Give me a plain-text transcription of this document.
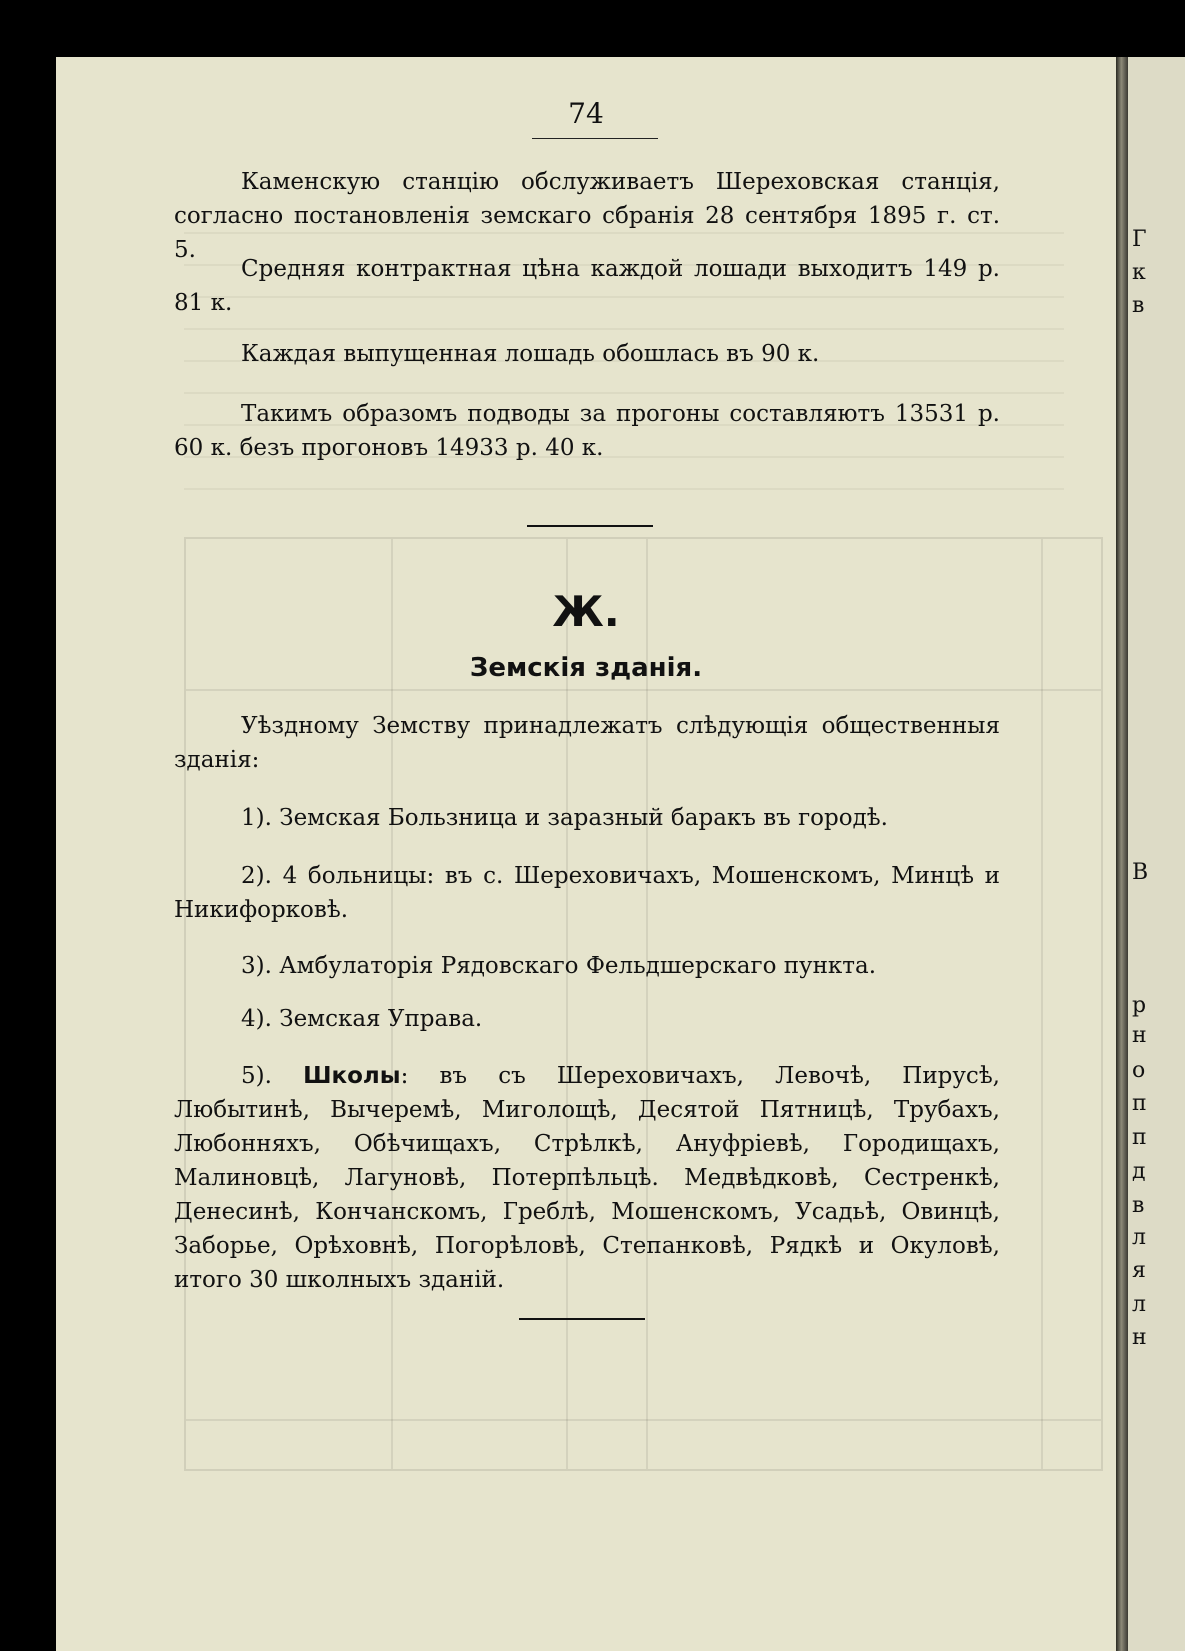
74

Каменскую станцію обслуживаетъ Шереховская станція, согласно постановленія земскаго сбранія 28 сентября 1895 г. ст. 5.

Средняя контрактная цѣна каждой лошади выходитъ 149 р. 81 к.

Каждая выпущенная лошадь обошлась въ 90 к.

Такимъ образомъ подводы за прогоны составляютъ 13531 р. 60 к. безъ прогоновъ 14933 р. 40 к.

Ж.
Земскія зданія.

Уѣздному Земству принадлежатъ слѣдующія общественныя зданія:

1). Земская Бользница и заразный баракъ въ городѣ.

2). 4 больницы: въ с. Шереховичахъ, Мошенскомъ, Минцѣ и Никифорковѣ.

3). Амбулаторія Рядовскаго Фельдшерскаго пункта.

4). Земская Управа.

5). Школы: въ съ Шереховичахъ, Левочѣ, Пирусѣ, Любытинѣ, Вычеремѣ, Миголощѣ, Десятой Пятницѣ, Трубахъ, Любонняхъ, Обѣчищахъ, Стрѣлкѣ, Ануфріевѣ, Городищахъ, Малиновцѣ, Лагуновѣ, Потерпѣльцѣ. Медвѣдковѣ, Сестренкѣ, Денесинѣ, Кончанскомъ, Греблѣ, Мошенскомъ, Усадьѣ, Овинцѣ, Заборье, Орѣховнѣ, Погорѣловѣ, Степанковѣ, Рядкѣ и Окуловѣ, итого 30 школныхъ зданій.

Г
к
в
В
р
н
о
п
п
д
в
л
я
л
н
